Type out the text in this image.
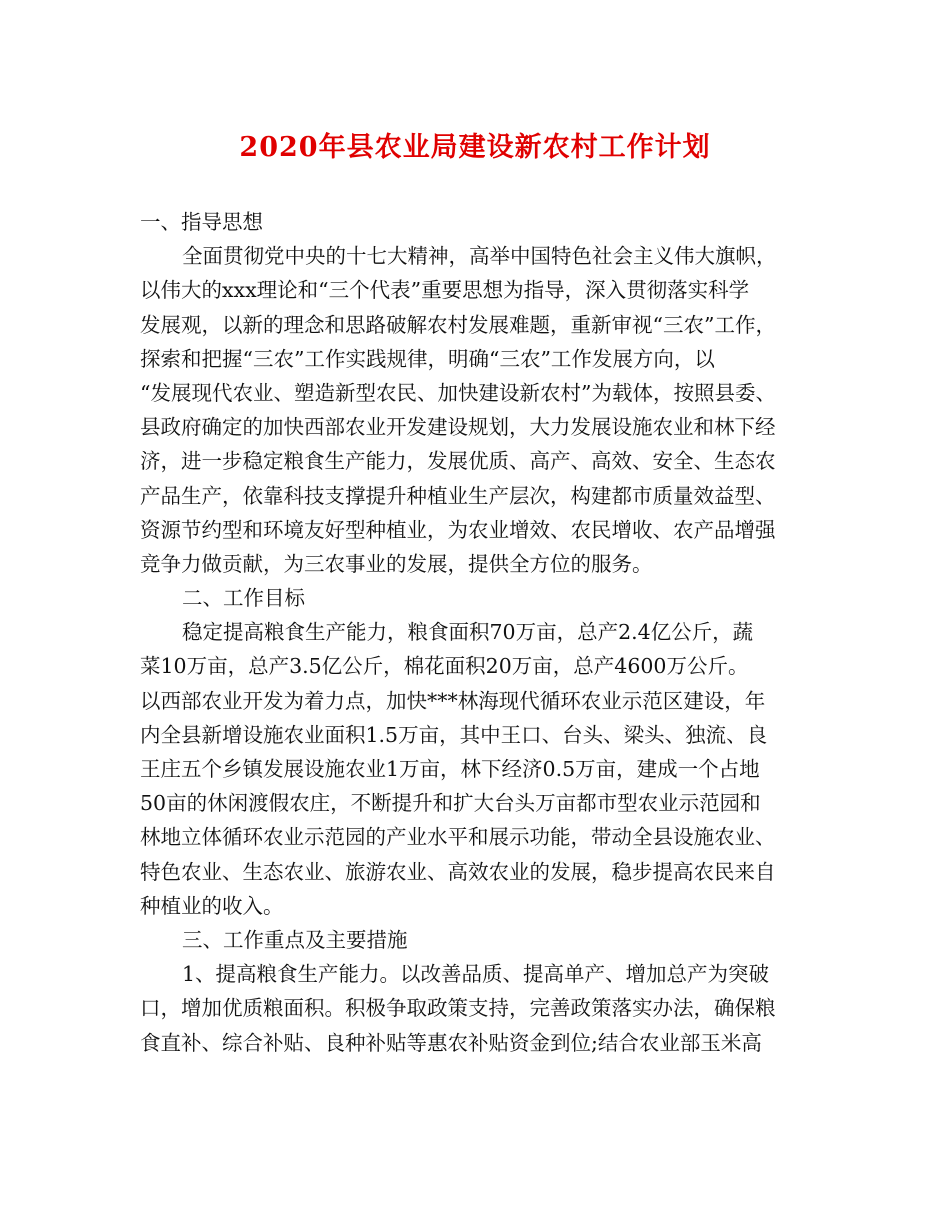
2020年县农业局建设新农村工作计划
一、指导思想
全面贯彻党中央的十七大精神，高举中国特色社会主义伟大旗帜，
以伟大的xxx理论和“三个代表”重要思想为指导，深入贯彻落实科学
发展观，以新的理念和思路破解农村发展难题，重新审视“三农”工作，
探索和把握“三农”工作实践规律，明确“三农”工作发展方向，以
“发展现代农业、塑造新型农民、加快建设新农村”为载体，按照县委、
县政府确定的加快西部农业开发建设规划，大力发展设施农业和林下经
济，进一步稳定粮食生产能力，发展优质、高产、高效、安全、生态农
产品生产，依靠科技支撑提升种植业生产层次，构建都市质量效益型、
资源节约型和环境友好型种植业，为农业增效、农民增收、农产品增强
竞争力做贡献，为三农事业的发展，提供全方位的服务。
二、工作目标
稳定提高粮食生产能力，粮食面积70万亩，总产2.4亿公斤，蔬
菜10万亩，总产3.5亿公斤，棉花面积20万亩，总产4600万公斤。
以西部农业开发为着力点，加快***林海现代循环农业示范区建设，年
内全县新增设施农业面积1.5万亩，其中王口、台头、梁头、独流、良
王庄五个乡镇发展设施农业1万亩，林下经济0.5万亩，建成一个占地
50亩的休闲渡假农庄，不断提升和扩大台头万亩都市型农业示范园和
林地立体循环农业示范园的产业水平和展示功能，带动全县设施农业、
特色农业、生态农业、旅游农业、高效农业的发展，稳步提高农民来自
种植业的收入。
三、工作重点及主要措施
1、提高粮食生产能力。以改善品质、提高单产、增加总产为突破
口，增加优质粮面积。积极争取政策支持，完善政策落实办法，确保粮
食直补、综合补贴、良种补贴等惠农补贴资金到位;结合农业部玉米高
